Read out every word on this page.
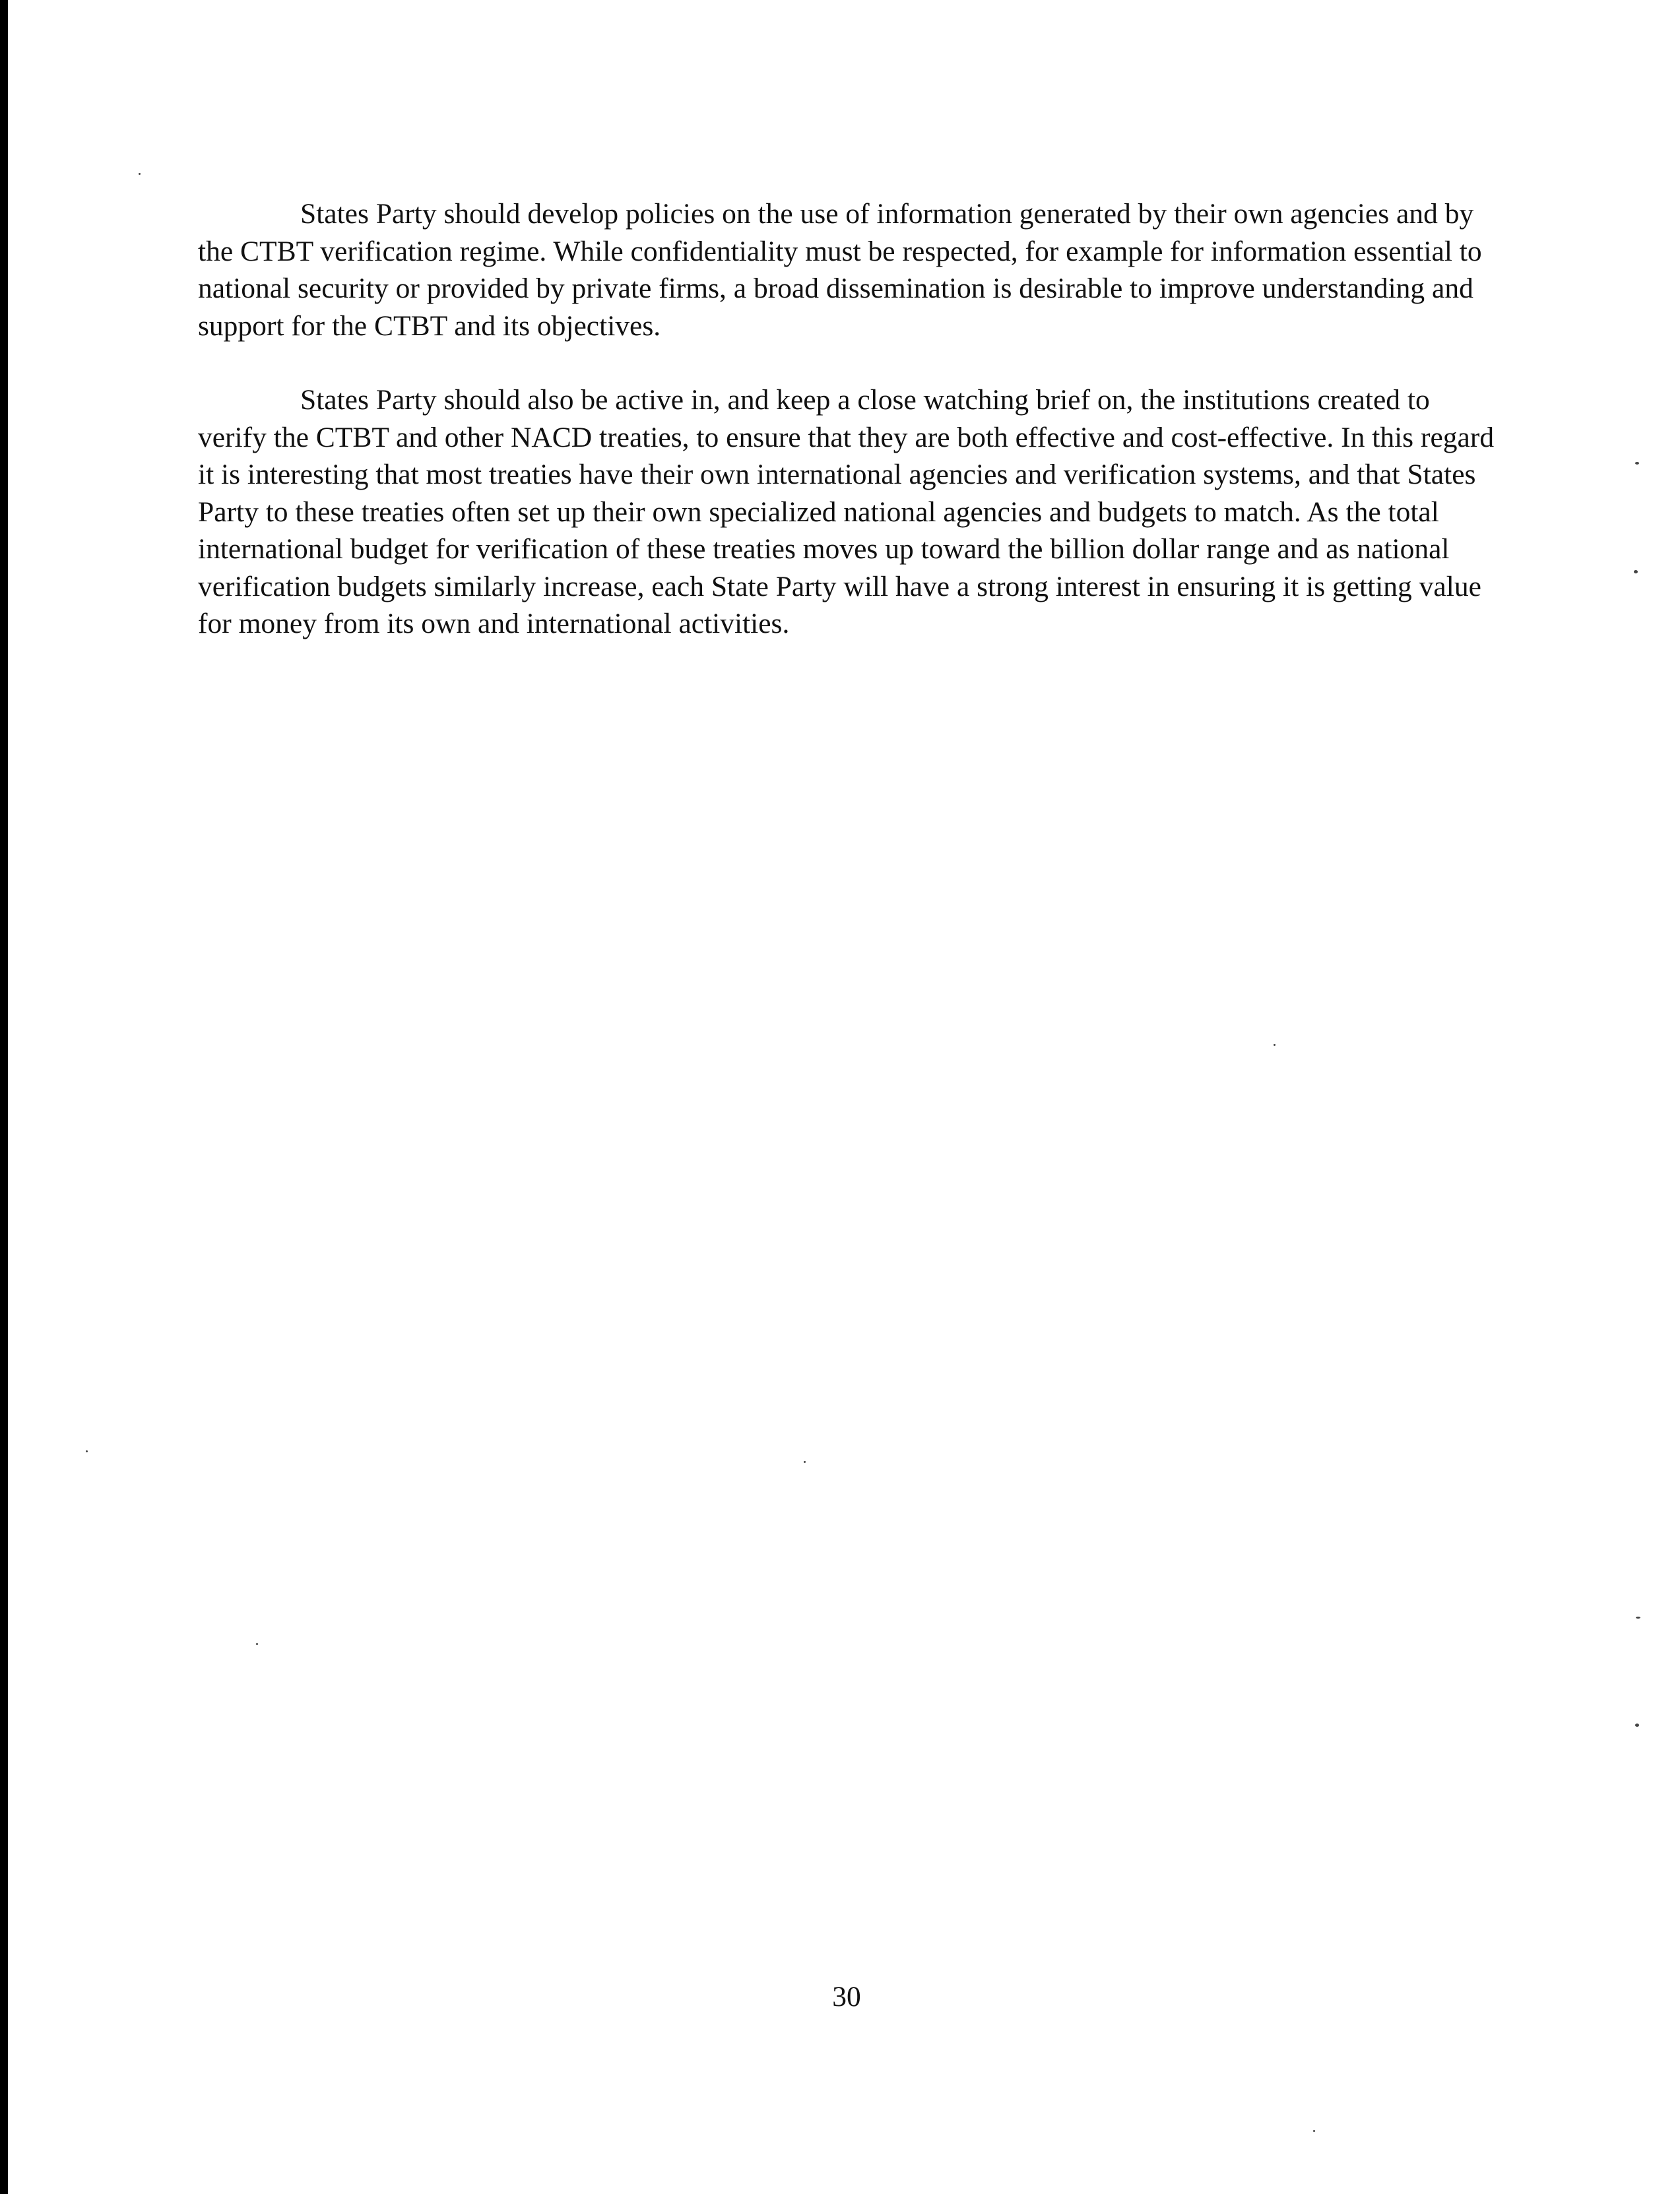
States Party should develop policies on the use of information generated by their own agencies and by the CTBT verification regime. While confidentiality must be respected, for example for information essential to national security or provided by private firms, a broad dissemination is desirable to improve understanding and support for the CTBT and its objectives.

States Party should also be active in, and keep a close watching brief on, the institutions created to verify the CTBT and other NACD treaties, to ensure that they are both effective and cost-effective. In this regard it is interesting that most treaties have their own international agencies and verification systems, and that States Party to these treaties often set up their own specialized national agencies and budgets to match. As the total international budget for verification of these treaties moves up toward the billion dollar range and as national verification budgets similarly increase, each State Party will have a strong interest in ensuring it is getting value for money from its own and international activities.

30
